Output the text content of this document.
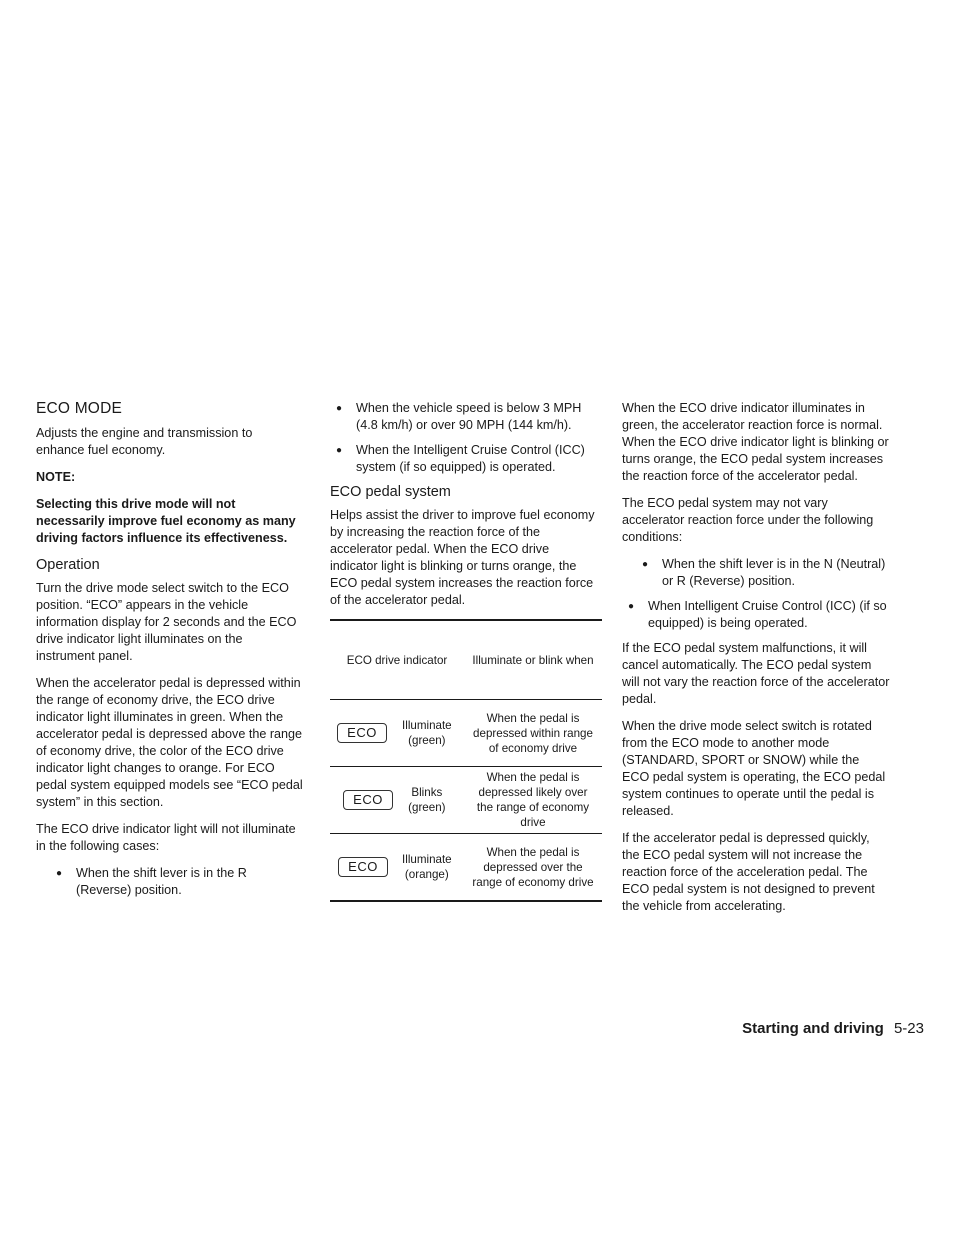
ECO MODE

Adjusts the engine and transmission to enhance fuel economy.

NOTE:

Selecting this drive mode will not necessarily improve fuel economy as many driving factors influence its effectiveness.

Operation

Turn the drive mode select switch to the ECO position. “ECO” appears in the vehicle information display for 2 seconds and the ECO drive indicator light illuminates on the instrument panel.

When the accelerator pedal is depressed within the range of economy drive, the ECO drive indicator light illuminates in green. When the accelerator pedal is depressed above the range of economy drive, the color of the ECO drive indicator light changes to orange. For ECO pedal system equipped models see “ECO pedal system” in this section.

The ECO drive indicator light will not illuminate in the following cases:

● When the shift lever is in the R (Reverse) position.
● When the vehicle speed is below 3 MPH (4.8 km/h) or over 90 MPH (144 km/h).
● When the Intelligent Cruise Control (ICC) system (if so equipped) is operated.
ECO pedal system

Helps assist the driver to improve fuel economy by increasing the reaction force of the accelerator pedal. When the ECO drive indicator light is blinking or turns orange, the ECO pedal system increases the reaction force of the accelerator pedal.

ECO drive indicator	Illuminate or blink when

ECO Illuminate (green)	When the pedal is depressed within range of economy drive

ECO Blinks (green)	When the pedal is depressed likely over the range of economy drive

ECO Illuminate (orange)	When the pedal is depressed over the range of economy drive

When the ECO drive indicator illuminates in green, the accelerator reaction force is normal. When the ECO drive indicator light is blinking or turns orange, the ECO pedal system increases the reaction force of the accelerator pedal.

The ECO pedal system may not vary accelerator reaction force under the following conditions:

● When the shift lever is in the N (Neutral) or R (Reverse) position.
● When Intelligent Cruise Control (ICC) (if so equipped) is being operated.

If the ECO pedal system malfunctions, it will cancel automatically. The ECO pedal system will not vary the reaction force of the accelerator pedal.

When the drive mode select switch is rotated from the ECO mode to another mode (STANDARD, SPORT or SNOW) while the ECO pedal system is operating, the ECO pedal system continues to operate until the pedal is released.

If the accelerator pedal is depressed quickly, the ECO pedal system will not increase the reaction force of the acceleration pedal. The ECO pedal system is not designed to prevent the vehicle from accelerating.

Starting and driving 5-23
